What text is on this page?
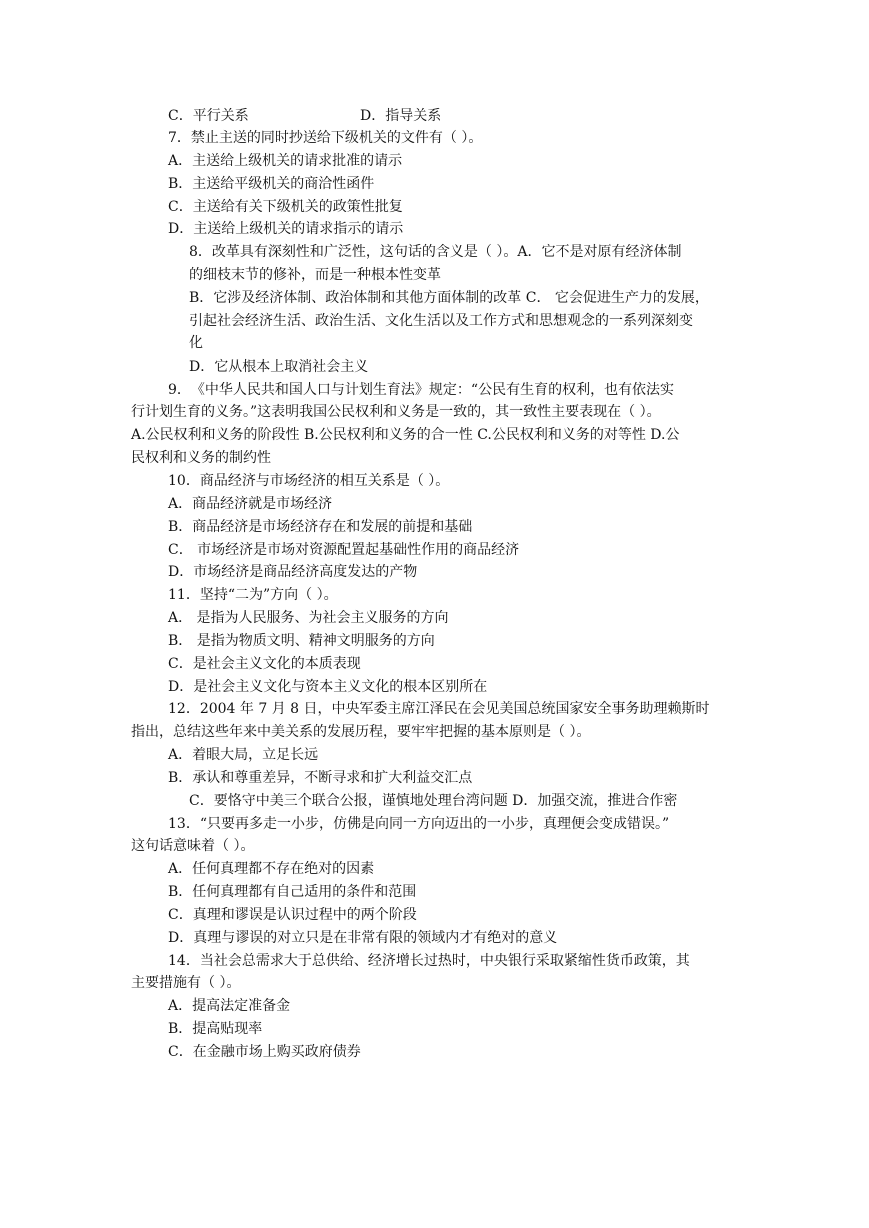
C．平行关系	D．指导关系
7．禁止主送的同时抄送给下级机关的文件有（ ）。
A．主送给上级机关的请求批准的请示
B．主送给平级机关的商洽性函件
C．主送给有关下级机关的政策性批复
D．主送给上级机关的请求指示的请示
8．改革具有深刻性和广泛性，这句话的含义是（ ）。A．它不是对原有经济体制
的细枝末节的修补，而是一种根本性变革
B．它涉及经济体制、政治体制和其他方面体制的改革 C． 它会促进生产力的发展，
引起社会经济生活、政治生活、文化生活以及工作方式和思想观念的一系列深刻变
化
D．它从根本上取消社会主义
9．　《中华人民共和国人口与计划生育法》规定：“公民有生育的权利，也有依法实
行计划生育的义务。”这表明我国公民权利和义务是一致的，其一致性主要表现在（ ）。
A.公民权利和义务的阶段性 B.公民权利和义务的合一性 C.公民权利和义务的对等性 D.公
民权利和义务的制约性
10．商品经济与市场经济的相互关系是（ ）。
A．商品经济就是市场经济
B．商品经济是市场经济存在和发展的前提和基础
C． 市场经济是市场对资源配置起基础性作用的商品经济
D．市场经济是商品经济高度发达的产物
11．坚持“二为”方向（ ）。
A． 是指为人民服务、为社会主义服务的方向
B． 是指为物质文明、精神文明服务的方向
C．是社会主义文化的本质表现
D．是社会主义文化与资本主义文化的根本区别所在
12．2004 年 7 月 8 日，中央军委主席江泽民在会见美国总统国家安全事务助理赖斯时
指出，总结这些年来中美关系的发展历程，要牢牢把握的基本原则是（ ）。
A．着眼大局，立足长远
B．承认和尊重差异，不断寻求和扩大利益交汇点
C．要恪守中美三个联合公报，谨慎地处理台湾问题 D．加强交流，推进合作密
13．“只要再多走一小步，仿佛是向同一方向迈出的一小步，真理便会变成错误。”
这句话意味着（ ）。
A．任何真理都不存在绝对的因素
B．任何真理都有自己适用的条件和范围
C．真理和谬误是认识过程中的两个阶段
D．真理与谬误的对立只是在非常有限的领域内才有绝对的意义
14．当社会总需求大于总供给、经济增长过热时，中央银行采取紧缩性货币政策，其
主要措施有（ ）。
A．提高法定准备金
B．提高贴现率
C．在金融市场上购买政府债券
